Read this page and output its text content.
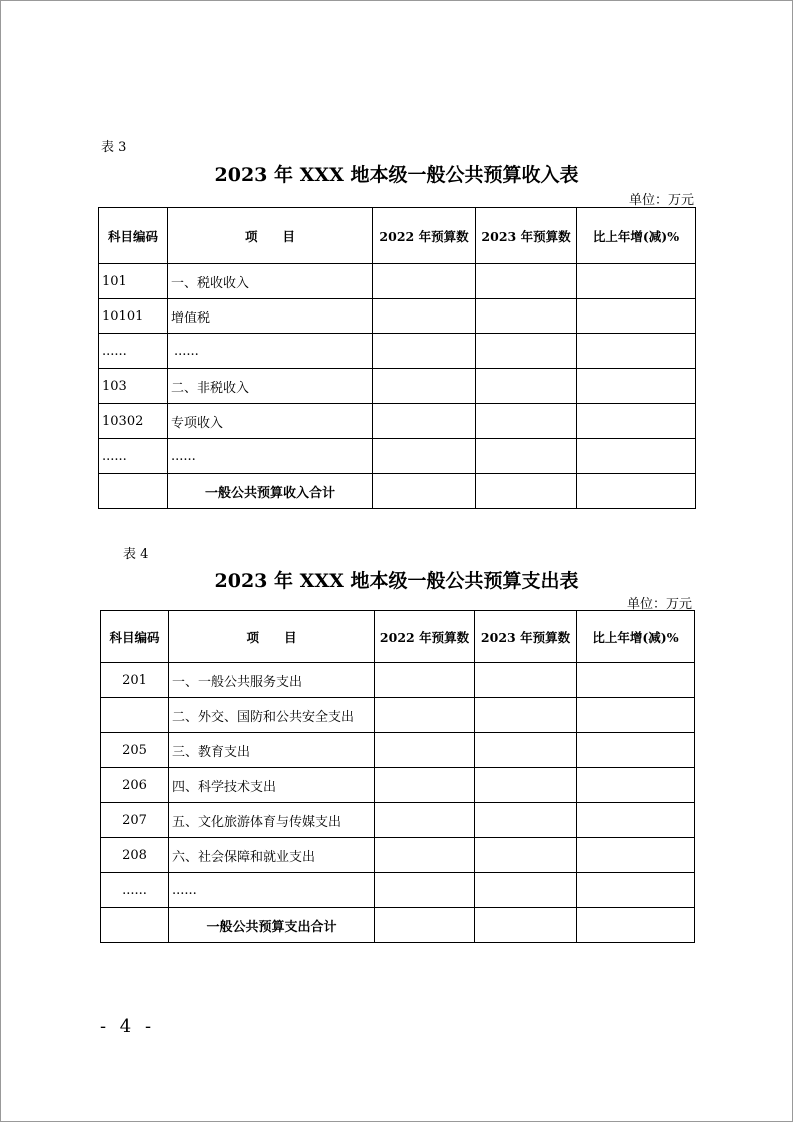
表 3
2023 年 XXX 地本级一般公共预算收入表
单位：万元
科目编码	项　　目	2022 年预算数	2023 年预算数	比上年增(减)%
101	一、税收收入			
10101	增值税			
......	......			
103	二、非税收入			
10302	专项收入			
......	......			
	一般公共预算收入合计			
表 4
2023 年 XXX 地本级一般公共预算支出表
单位：万元
科目编码	项　　目	2022 年预算数	2023 年预算数	比上年增(减)%
201	一、一般公共服务支出			
	二、外交、国防和公共安全支出			
205	三、教育支出			
206	四、科学技术支出			
207	五、文化旅游体育与传媒支出			
208	六、社会保障和就业支出			
......	......			
	一般公共预算支出合计			
- 4 -
